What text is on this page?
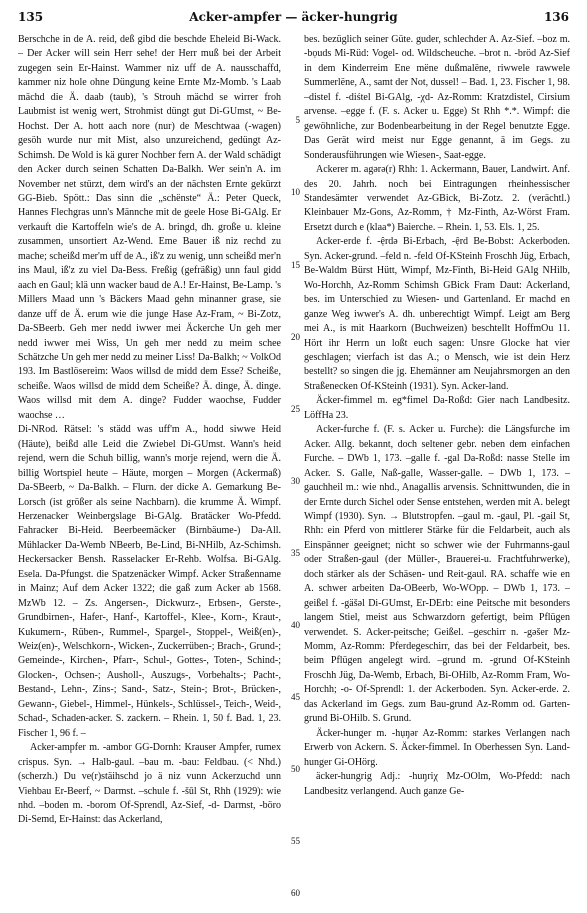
135	Acker-ampfer — äcker-hungrig	136

Berschche in de A. reid, deß gibd die beschde Eheleid Bi-Wack. – Der Acker will sein Herr sehe! der Herr muß bei der Arbeit zugegen sein Er-Hainst. Wammer niz uff de A. nausschaffd, kammer niz hole ohne Düngung keine Ernte Mz-Momb. 's Laab mächd die Ä. daab (taub), 's Strouh mächd se wirrer froh Laubmist ist wenig wert, Strohmist düngt gut Di-GUmst, ~ Be-Hochst. Der A. hott aach nore (nur) de Meschtwaa (-wagen) gesöh wurde nur mit Mist, also unzureichend, gedüngt Az-Schimsh. De Wold is kä gurer Nochber fern A. der Wald schädigt den Acker durch seinen Schatten Da-Balkh. Wer sein'n A. im November net stürzt, dem wird's an der nächsten Ernte gekürzt GG-Bieb. Spött.: Das sinn die „schënste“ Ä.: Peter Queck, Hannes Flechgras unn's Männche mit de geele Hose Bi-GAlg. Er verkauft die Kartoffeln wie's de A. bringd, dh. große u. kleine zusammen, unsortiert Az-Wend. Eme Bauer iß niz rechd zu mache; scheißd mer'm uff de A., iß'z zu wenig, unn scheißd mer'n ins Maul, iß'z zu viel Da-Bess. Freßig (gefräßig) unn faul gidd aach en Gaul; klä unn wacker baud de A.! Er-Hainst, Be-Lamp. 's Millers Maad unn 's Bäckers Maad gehn minanner grase, sie danze uff de Ä. erum wie die junge Hase Az-Fram, ~ Bi-Zotz, Da-SBeerb. Geh mer nedd iwwer mei Äckerche Un geh mer nedd iwwer mei Wiss, Un geh mer nedd zu meim schee Schätzche Un geh mer nedd zu meiner Liss! Da-Balkh; ~ VolkOd 193. Im Bastlösereim: Waos willsd de midd dem Esse? Scheiße, scheiße. Waos willsd de midd dem Scheiße? Ä. dinge, Ä. dinge. Waos willsd mit dem A. dinge? Fudder waochse, Fudder waochse …

Di-NRod. Rätsel: 's städd was uff'm A., hodd siwwe Heid (Häute), beißd alle Leid die Zwiebel Di-GUmst. Wann's heid rejend, wern die Schuh billig, wann's morje rejend, wern die Ä. billig Wortspiel heute – Häute, morgen – Morgen (Ackermaß) Da-SBeerb, ~ Da-Balkh. – Flurn. der dicke A. Gemarkung Be-Lorsch (ist größer als seine Nachbarn). die krumme Ä. Wimpf. Herzenacker Weinbergslage Bi-GAlg. Bratäcker Wo-Pfedd. Fahracker Bi-Heid. Beerbeemäcker (Birnbäume-) Da-All. Mühlacker Da-Wemb NBeerb, Be-Lind, Bi-NHilb, Az-Schimsh. Heckersacker Bensh. Rasselacker Er-Rehb. Wolfsa. Bi-GAlg. Esela. Da-Pfungst. die Spatzenäcker Wimpf. Acker Straßenname in Mainz; Auf dem Acker 1322; die gaß zum Acker ab 1568. MzWb 12. – Zs. Angersen-, Dickwurz-, Erbsen-, Gerste-, Grundbirnen-, Hafer-, Hanf-, Kartoffel-, Klee-, Korn-, Kraut-, Kukumern-, Rüben-, Rummel-, Spargel-, Stoppel-, Weiß(en)-, Weiz(en)-, Welschkorn-, Wicken-, Zuckerrüben-; Brach-, Grund-; Gemeinde-, Kirchen-, Pfarr-, Schul-, Gottes-, Toten-, Schind-; Glocken-, Ochsen-; Ausholl-, Auszugs-, Vorbehalts-; Pacht-, Bestand-, Lehn-, Zins-; Sand-, Satz-, Stein-; Brot-, Brücken-, Gewann-, Giebel-, Himmel-, Hünkels-, Schlüssel-, Teich-, Weid-, Schad-, Schaden-acker. S. zackern. – Rhein. 1, 50 f. Bad. 1, 23. Fischer 1, 96 f. –

Acker-ampfer m. -ambor GG-Dornh: Krauser Ampfer, rumex crispus. Syn. → Halb-gaul. –bau m. -bau: Feldbau. (< Nhd.) (scherzh.) Du ve(r)stäihschd jo ä niz vunn Ackerzuchd unn Viehbau Er-Beerf, ~ Darmst. –schule f. -šūl St, Rhh (1929): wie nhd. –boden m. -borom Of-Sprendl, Az-Sief, -d- Darmst, -börо Di-Semd, Er-Hainst: das Ackerland,

5
10
15
20
25
30
35
40
45
50
55
60

bes. bezüglich seiner Güte. guder, schlechder A. Az-Sief. –boz m. -bọuds Mi-Rüd: Vogel- od. Wildscheuche. –brot n. -bröd Az-Sief in dem Kinderreim Ene mëne dußmalëne, riwwele rawwele Summerlëne, A., samt der Not, dussel! – Bad. 1, 23. Fischer 1, 98. –distel f. -diśtel Bi-GAlg, -χd- Az-Romm: Kratzdistel, Cirsium arvense. –egge f. (F. s. Acker u. Egge) St Rhh *.*. Wimpf: die gewöhnliche, zur Bodenbearbeitung in der Regel benutzte Egge. Das Gerät wird meist nur Egge genannt, ä im Gegs. zu Sonderausführungen wie Wiesen-, Saat-egge.

Ackerer m. agərə(r) Rhh: 1. Ackermann, Bauer, Landwirt. Anf. des 20. Jahrh. noch bei Eintragungen rheinhessischer Standesämter verwendet Az-GBick, Bi-Zotz. 2. (verächtl.) Kleinbauer Mz-Gons, Az-Romm, † Mz-Finth, Az-Wörst Fram. Ersetzt durch e (klaa*) Baierche. – Rhein. 1, 53. Els. 1, 25.

Acker-erde f. -ệrdə Bi-Erbach, -ệrd Be-Bobst: Ackerboden. Syn. Acker-grund. –feld n. -feld Of-KSteinh Froschh Jüg, Erbach, Be-Waldm Bürst Hütt, Wimpf, Mz-Finth, Bi-Heid GAlg NHilb, Wo-Horchh, Az-Romm Schimsh GBick Fram Daut: Ackerland, bes. im Unterschied zu Wiesen- und Gartenland. Er machd en ganze Weg iwwer's A. dh. unberechtigt Wimpf. Leigt am Berg mei A., is mit Haarkorn (Buchweizen) beschtellt HoffmOu 11. Hört ihr Herrn un loßt euch sagen: Unsre Glocke hat vier geschlagen; vierfach ist das A.; o Mensch, wie ist dein Herz bestellt? so singen die jg. Ehemänner am Neujahrsmorgen an den Straßenecken Of-KSteinh (1931). Syn. Acker-land.

Äcker-fimmel m. eg*fimel Da-Roßd: Gier nach Landbesitz. LöffHa 23.

Acker-furche f. (F. s. Acker u. Furche): die Längsfurche im Acker. Allg. bekannt, doch seltener gebr. neben dem einfachen Furche. – DWb 1, 173. –galle f. -gal Da-Roßd: nasse Stelle im Acker. S. Galle, Naß-galle, Wasser-galle. – DWb 1, 173. –gauchheil m.: wie nhd., Anagallis arvensis. Schnittwunden, die in der Ernte durch Sichel oder Sense entstehen, werden mit A. belegt Wimpf (1930). Syn. → Blutstropfen. –gaul m. -gaul, Pl. -gail St, Rhh: ein Pferd von mittlerer Stärke für die Feldarbeit, auch als Einspänner geeignet; nicht so schwer wie der Fuhrmanns-gaul oder Straßen-gaul (der Müller-, Brauerei-u. Frachtfuhrwerke), doch stärker als der Schäsen- und Reit-gaul. RA. schaffe wie en A. schwer arbeiten Da-OBeerb, Wo-WOpp. – DWb 1, 173. –geißel f. -gäšəl Di-GUmst, Er-DErb: eine Peitsche mit besonders langem Stiel, meist aus Schwarzdorn gefertigt, beim Pflügen verwendet. S. Acker-peitsche; Geißel. –geschirr n. -gəšer Mz-Momm, Az-Romm: Pferdegeschirr, das bei der Feldarbeit, bes. beim Pflügen angelegt wird. –grund m. -grund Of-KSteinh Froschh Jüg, Da-Wemb, Erbach, Bi-OHilb, Az-Romm Fram, Wo-Horchh; -o- Of-Sprendl: 1. der Ackerboden. Syn. Acker-erde. 2. das Ackerland im Gegs. zum Bau-grund Az-Romm od. Garten-grund Bi-OHilb. S. Grund.

Äcker-hunger m. -hụŋər Az-Romm: starkes Verlangen nach Erwerb von Ackern. S. Äcker-fimmel. In Oberhessen Syn. Land-hunger Gi-OHörg.

äcker-hungrig Adj.: -huŋriχ Mz-OOlm, Wo-Pfedd: nach Landbesitz verlangend. Auch ganze Ge-
